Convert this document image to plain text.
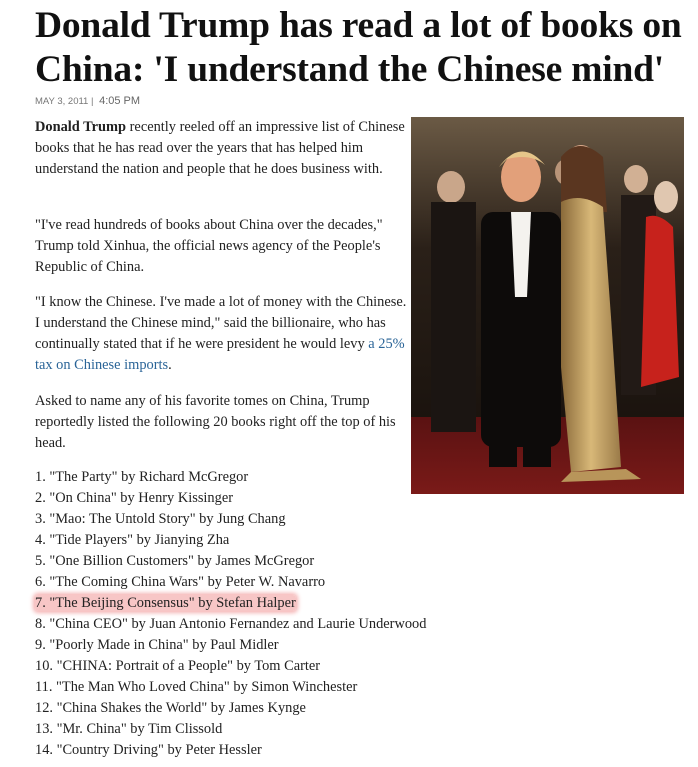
Donald Trump has read a lot of books on China: 'I understand the Chinese mind'
MAY 3, 2011 | 4:05 PM

Donald Trump recently reeled off an impressive list of Chinese books that he has read over the years that has helped him understand the nation and people that he does business with.

"I've read hundreds of books about China over the decades," Trump told Xinhua, the official news agency of the People's Republic of China.

"I know the Chinese. I've made a lot of money with the Chinese. I understand the Chinese mind," said the billionaire, who has continually stated that if he were president he would levy a 25% tax on Chinese imports.

Asked to name any of his favorite tomes on China, Trump reportedly listed the following 20 books right off the top of his head.

1. "The Party" by Richard McGregor
2. "On China" by Henry Kissinger
3. "Mao: The Untold Story" by Jung Chang
4. "Tide Players" by Jianying Zha
5. "One Billion Customers" by James McGregor
6. "The Coming China Wars" by Peter W. Navarro
7. "The Beijing Consensus" by Stefan Halper
8. "China CEO" by Juan Antonio Fernandez and Laurie Underwood
9. "Poorly Made in China" by Paul Midler
10. "CHINA: Portrait of a People" by Tom Carter
11. "The Man Who Loved China" by Simon Winchester
12. "China Shakes the World" by James Kynge
13. "Mr. China" by Tim Clissold
14. "Country Driving" by Peter Hessler
